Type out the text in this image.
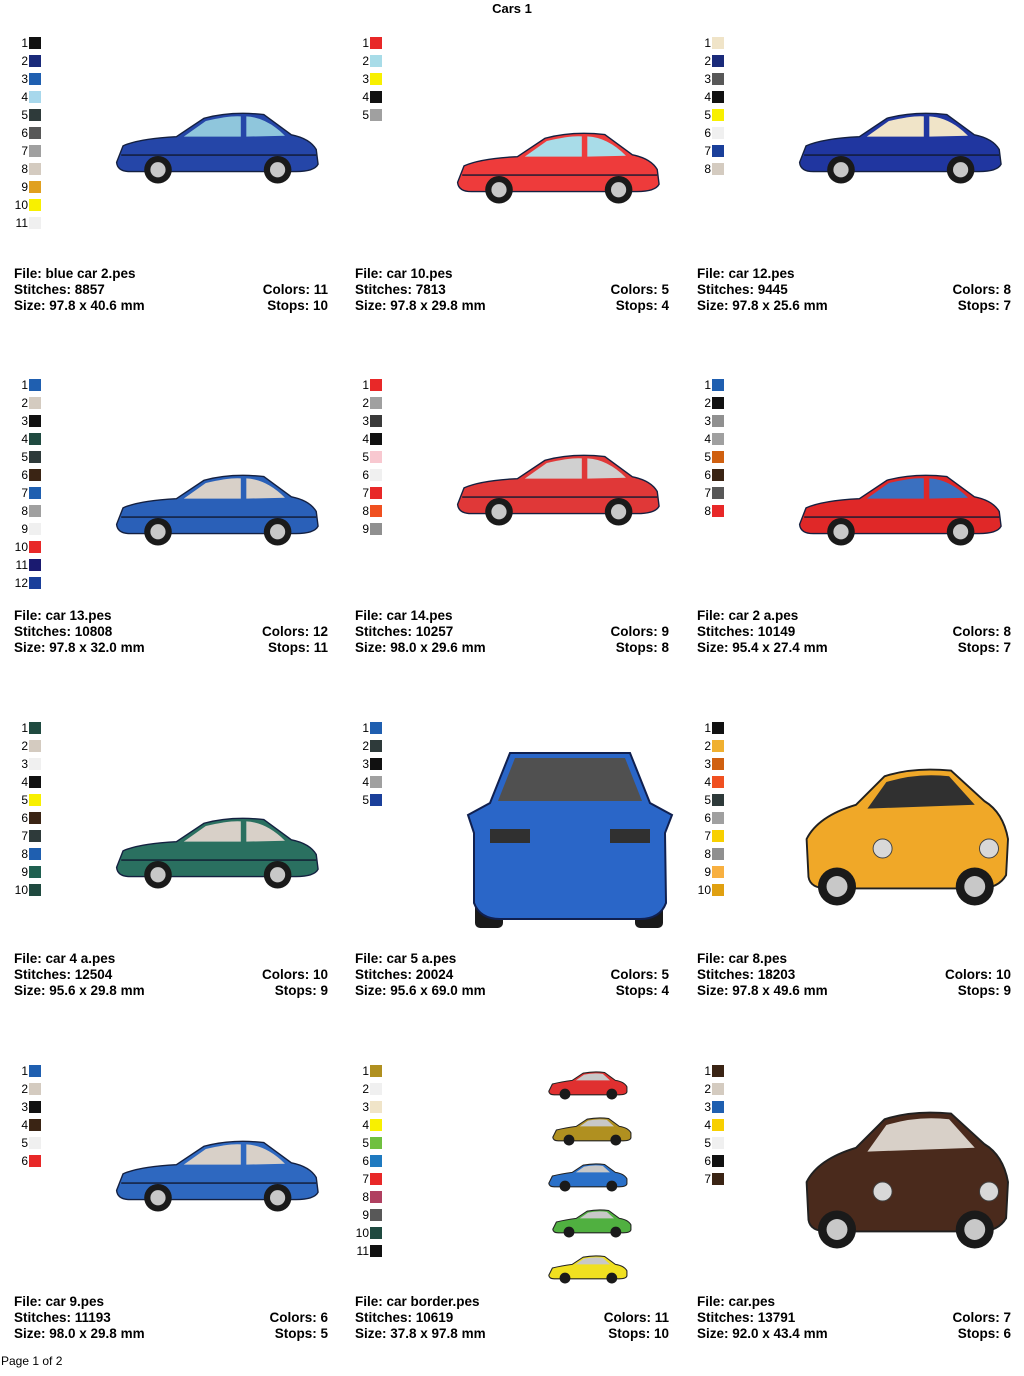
Cars 1
1
2
3
4
5
6
7
8
9
10
11
File: blue car 2.pes
Stitches: 8857	Colors: 11
Size: 97.8 x 40.6 mm	Stops: 10
1
2
3
4
5
File: car 10.pes
Stitches: 7813	Colors: 5
Size: 97.8 x 29.8 mm	Stops: 4
1
2
3
4
5
6
7
8
File: car 12.pes
Stitches: 9445	Colors: 8
Size: 97.8 x 25.6 mm	Stops: 7
1
2
3
4
5
6
7
8
9
10
11
12
File: car 13.pes
Stitches: 10808	Colors: 12
Size: 97.8 x 32.0 mm	Stops: 11
1
2
3
4
5
6
7
8
9
File: car 14.pes
Stitches: 10257	Colors: 9
Size: 98.0 x 29.6 mm	Stops: 8
1
2
3
4
5
6
7
8
File: car 2 a.pes
Stitches: 10149	Colors: 8
Size: 95.4 x 27.4 mm	Stops: 7
1
2
3
4
5
6
7
8
9
10
File: car 4 a.pes
Stitches: 12504	Colors: 10
Size: 95.6 x 29.8 mm	Stops: 9
1
2
3
4
5
File: car 5 a.pes
Stitches: 20024	Colors: 5
Size: 95.6 x 69.0 mm	Stops: 4
1
2
3
4
5
6
7
8
9
10
File: car 8.pes
Stitches: 18203	Colors: 10
Size: 97.8 x 49.6 mm	Stops: 9
1
2
3
4
5
6
File: car 9.pes
Stitches: 11193	Colors: 6
Size: 98.0 x 29.8 mm	Stops: 5
1
2
3
4
5
6
7
8
9
10
11
File: car border.pes
Stitches: 10619	Colors: 11
Size: 37.8 x 97.8 mm	Stops: 10
1
2
3
4
5
6
7
File: car.pes
Stitches: 13791	Colors: 7
Size: 92.0 x 43.4 mm	Stops: 6
Page 1 of 2
